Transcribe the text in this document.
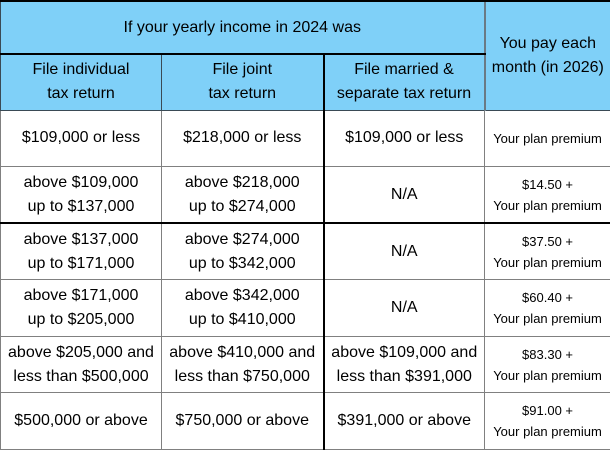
If your yearly income in 2024 was			You pay each
month (in 2026)

File individual
tax return	File joint
tax return	File married &
separate tax return	

$109,000 or less	$218,000 or less	$109,000 or less	Your plan premium

above $109,000
up to $137,000	above $218,000
up to $274,000	N/A	$14.50 +
Your plan premium

above $137,000
up to $171,000	above $274,000
up to $342,000	N/A	$37.50 +
Your plan premium

above $171,000
up to $205,000	above $342,000
up to $410,000	N/A	$60.40 +
Your plan premium

above $205,000 and
less than $500,000	above $410,000 and
less than $750,000	above $109,000 and
less than $391,000	$83.30 +
Your plan premium

$500,000 or above	$750,000 or above	$391,000 or above	$91.00 +
Your plan premium
